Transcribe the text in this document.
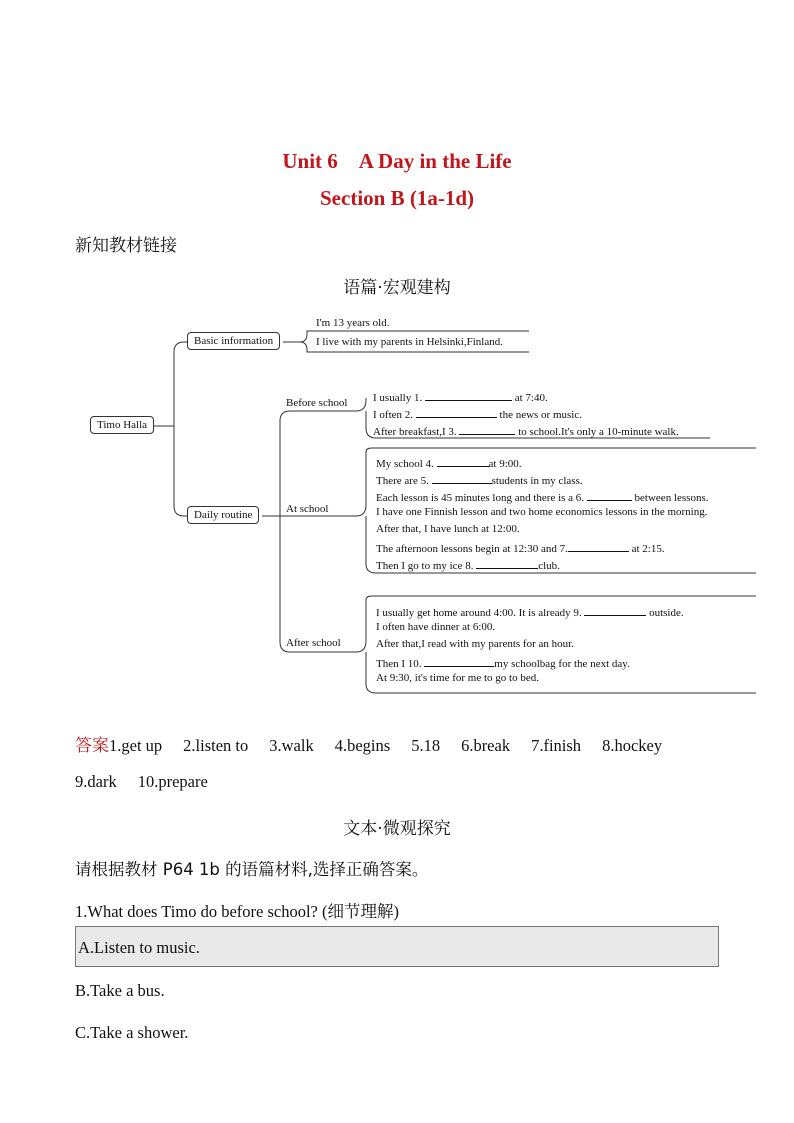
Unit 6　A Day in the Life
Section B (1a-1d)
新知教材链接
语篇·宏观建构
Timo Halla
Basic information
Daily routine
I'm 13 years old.
I live with my parents in Helsinki,Finland.
Before school
At school
After school
I usually 1.	at 7:40.
I often 2.	the news or music.
After breakfast,I 3.	to school.It's only a 10-minute walk.
My school 4.	at 9:00.
There are 5.	students in my class.
Each lesson is 45 minutes long and there is a 6.	between lessons.
I have one Finnish lesson and two home economics lessons in the morning.
After that, I have lunch at 12:00.
The afternoon lessons begin at 12:30 and 7.	at 2:15.
Then I go to my ice 8.	club.
I usually get home around 4:00. It is already 9.	outside.
I often have dinner at 6:00.
After that,I read with my parents for an hour.
Then I 10.	my schoolbag for the next day.
At 9:30, it's time for me to go to bed.
答案1.get up 2.listen to 3.walk 4.begins 5.18 6.break 7.finish 8.hockey
9.dark 10.prepare
文本·微观探究
请根据教材 P64 1b 的语篇材料,选择正确答案。
1.What does Timo do before school? (细节理解)
A.Listen to music.
B.Take a bus.
C.Take a shower.
